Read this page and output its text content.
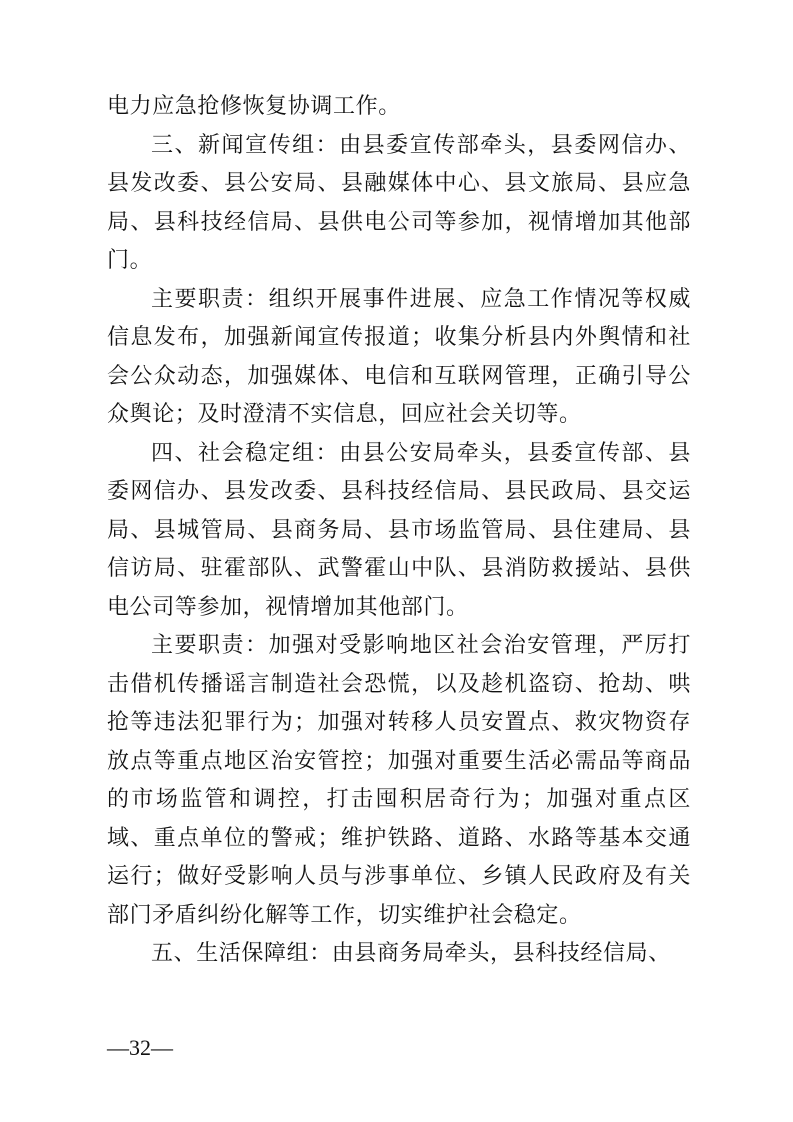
电力应急抢修恢复协调工作。

三、新闻宣传组：由县委宣传部牵头，县委网信办、县发改委、县公安局、县融媒体中心、县文旅局、县应急局、县科技经信局、县供电公司等参加，视情增加其他部门。

主要职责：组织开展事件进展、应急工作情况等权威信息发布，加强新闻宣传报道；收集分析县内外舆情和社会公众动态，加强媒体、电信和互联网管理，正确引导公众舆论；及时澄清不实信息，回应社会关切等。

四、社会稳定组：由县公安局牵头，县委宣传部、县委网信办、县发改委、县科技经信局、县民政局、县交运局、县城管局、县商务局、县市场监管局、县住建局、县信访局、驻霍部队、武警霍山中队、县消防救援站、县供电公司等参加，视情增加其他部门。

主要职责：加强对受影响地区社会治安管理，严厉打击借机传播谣言制造社会恐慌，以及趁机盗窃、抢劫、哄抢等违法犯罪行为；加强对转移人员安置点、救灾物资存放点等重点地区治安管控；加强对重要生活必需品等商品的市场监管和调控，打击囤积居奇行为；加强对重点区域、重点单位的警戒；维护铁路、道路、水路等基本交通运行；做好受影响人员与涉事单位、乡镇人民政府及有关部门矛盾纠纷化解等工作，切实维护社会稳定。

五、生活保障组：由县商务局牵头，县科技经信局、

—32—
